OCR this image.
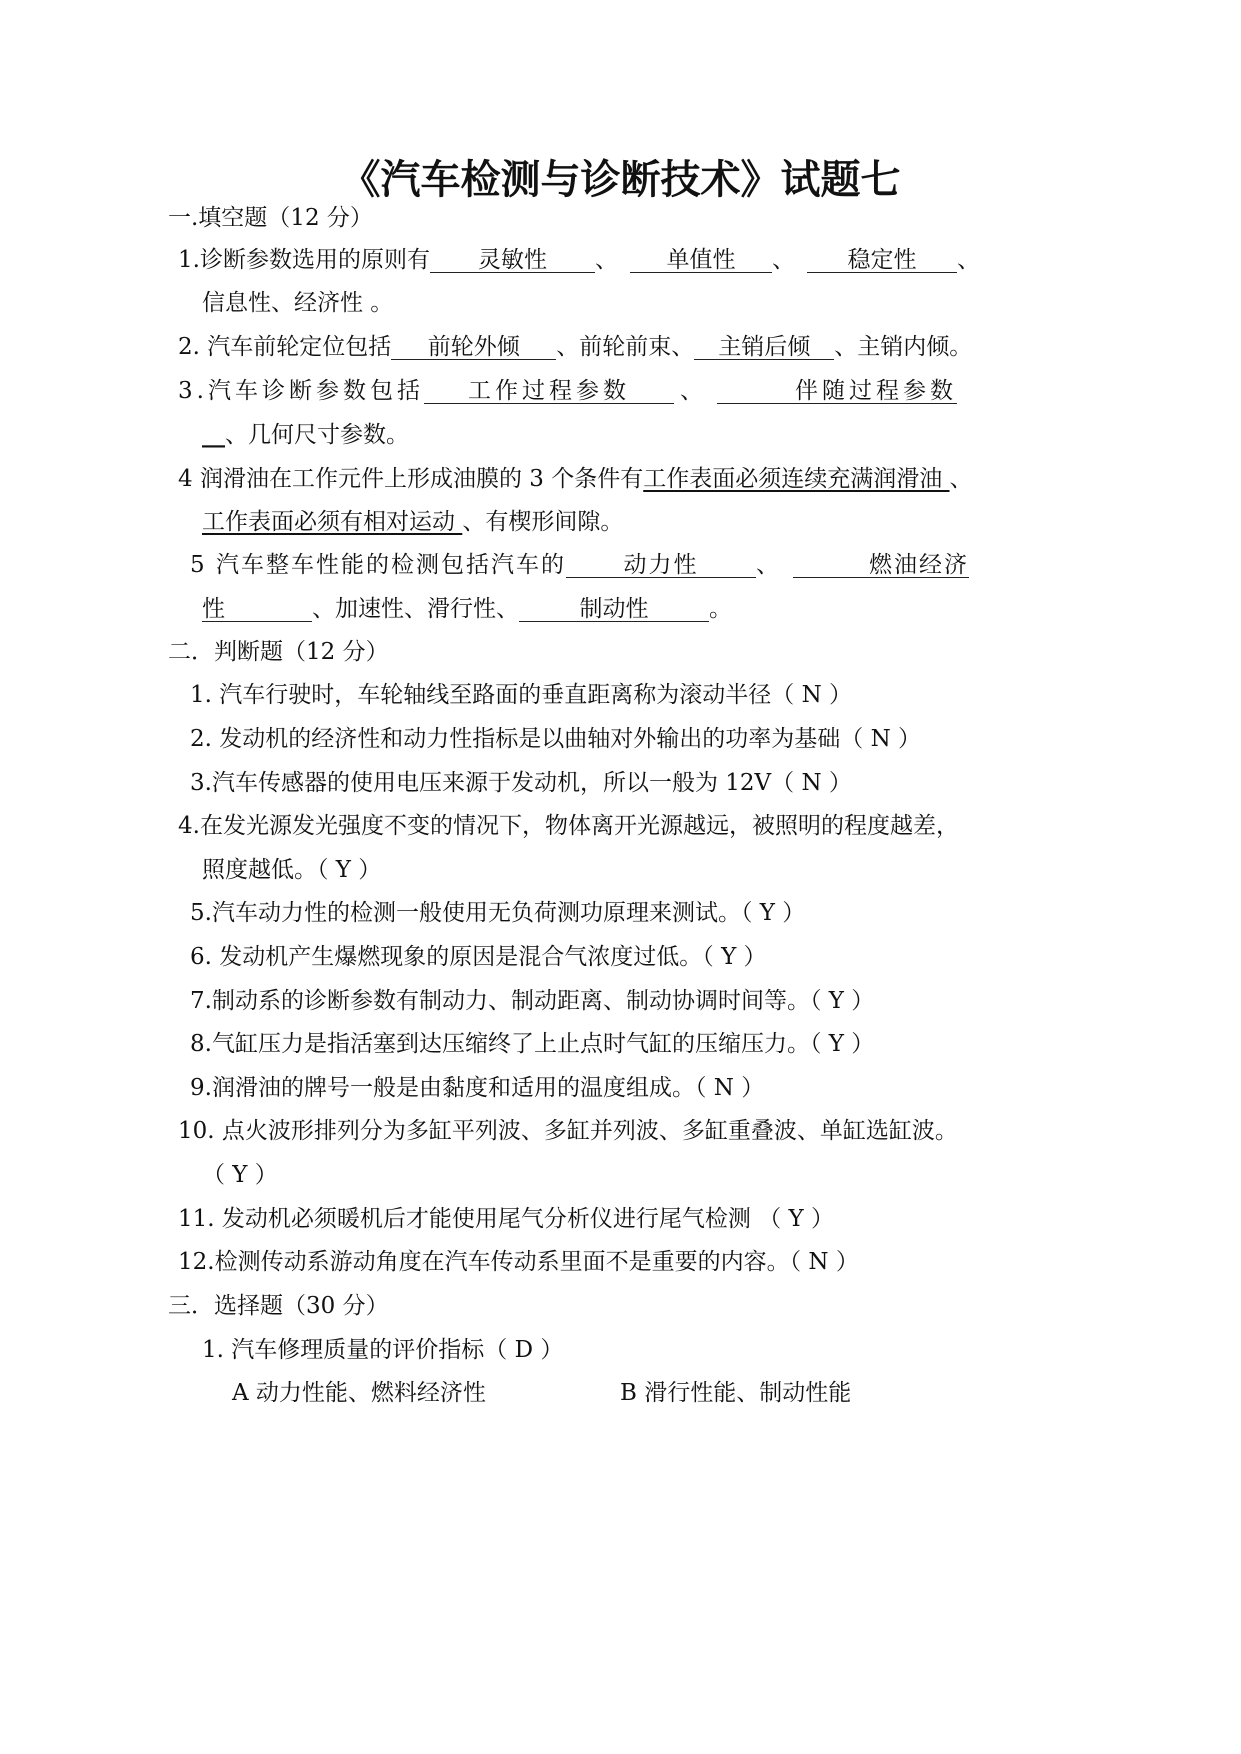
《汽车检测与诊断技术》试题七
一.填空题（12 分）
1.诊断参数选用的原则有 灵敏性 、 单值性 、 稳定性 、
信息性、经济性 。
2. 汽车前轮定位包括 前轮外倾 、前轮前束、 主销后倾 、主销内倾。
3.汽车诊断参数包括 工作过程参数 、	伴随过程参数
__、几何尺寸参数。
4 润滑油在工作元件上形成油膜的 3 个条件有工作表面必须连续充满润滑油 、
工作表面必须有相对运动 、有楔形间隙。
5 汽车整车性能的检测包括汽车的	动力性	、	燃油经济
性	、加速性、滑行性、	制动性	。
二．判断题（12 分）
1. 汽车行驶时，车轮轴线至路面的垂直距离称为滚动半径（ N ）
2. 发动机的经济性和动力性指标是以曲轴对外输出的功率为基础（ N ）
3.汽车传感器的使用电压来源于发动机，所以一般为 12V（ N ）
4.在发光源发光强度不变的情况下，物体离开光源越远，被照明的程度越差，
照度越低。（ Y ）
5.汽车动力性的检测一般使用无负荷测功原理来测试。（ Y ）
6. 发动机产生爆燃现象的原因是混合气浓度过低。（ Y ）
7.制动系的诊断参数有制动力、制动距离、制动协调时间等。（ Y ）
8.气缸压力是指活塞到达压缩终了上止点时气缸的压缩压力。（ Y ）
9.润滑油的牌号一般是由黏度和适用的温度组成。（ N ）
10. 点火波形排列分为多缸平列波、多缸并列波、多缸重叠波、单缸选缸波。
（ Y ）
11. 发动机必须暖机后才能使用尾气分析仪进行尾气检测 （ Y ）
12.检测传动系游动角度在汽车传动系里面不是重要的内容。（ N ）
三．选择题（30 分）
1. 汽车修理质量的评价指标（ D ）
A 动力性能、燃料经济性	B 滑行性能、制动性能
